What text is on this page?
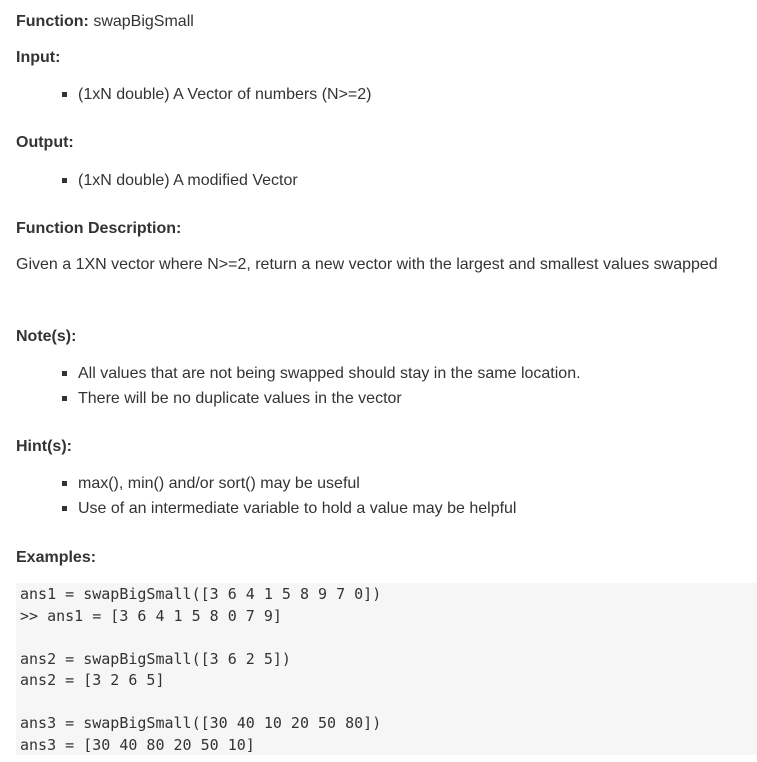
Function: swapBigSmall
Input:
(1xN double) A Vector of numbers (N>=2)
Output:
(1xN double) A modified Vector
Function Description:
Given a 1XN vector where N>=2, return a new vector with the largest and smallest values swapped
Note(s):
All values that are not being swapped should stay in the same location.
There will be no duplicate values in the vector
Hint(s):
max(), min() and/or sort() may be useful
Use of an intermediate variable to hold a value may be helpful
Examples:
ans1 = swapBigSmall([3 6 4 1 5 8 9 7 0])
>> ans1 = [3 6 4 1 5 8 0 7 9]
ans2 = swapBigSmall([3 6 2 5])
ans2 = [3 2 6 5]
ans3 = swapBigSmall([30 40 10 20 50 80])
ans3 = [30 40 80 20 50 10]
